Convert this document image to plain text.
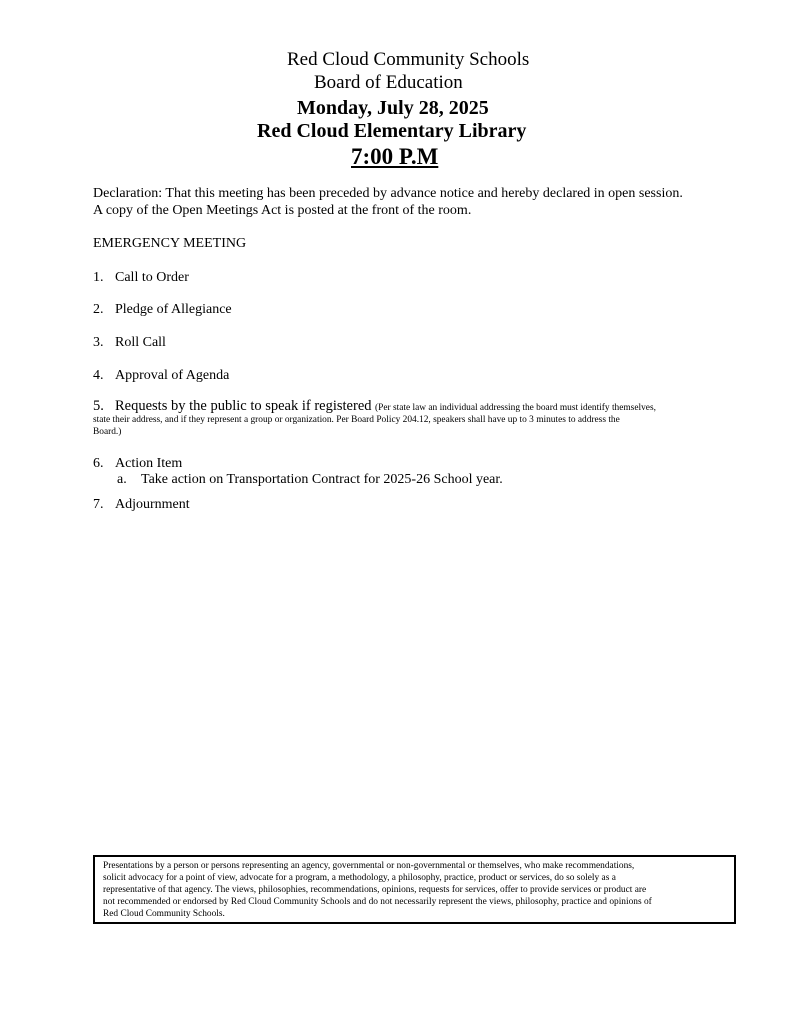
Red Cloud Community Schools
Board of Education
Monday, July 28, 2025
Red Cloud Elementary Library
7:00 P.M
Declaration: That this meeting has been preceded by advance notice and hereby declared in open session.
A copy of the Open Meetings Act is posted at the front of the room.
EMERGENCY MEETING
1. Call to Order
2. Pledge of Allegiance
3. Roll Call
4. Approval of Agenda
5. Requests by the public to speak if registered (Per state law an individual addressing the board must identify themselves,
state their address, and if they represent a group or organization. Per Board Policy 204.12, speakers shall have up to 3 minutes to address the
Board.)
6. Action Item
a. Take action on Transportation Contract for 2025-26 School year.
7. Adjournment
Presentations by a person or persons representing an agency, governmental or non-governmental or themselves, who make recommendations,
solicit advocacy for a point of view, advocate for a program, a methodology, a philosophy, practice, product or services, do so solely as a
representative of that agency. The views, philosophies, recommendations, opinions, requests for services, offer to provide services or product are
not recommended or endorsed by Red Cloud Community Schools and do not necessarily represent the views, philosophy, practice and opinions of
Red Cloud Community Schools.
